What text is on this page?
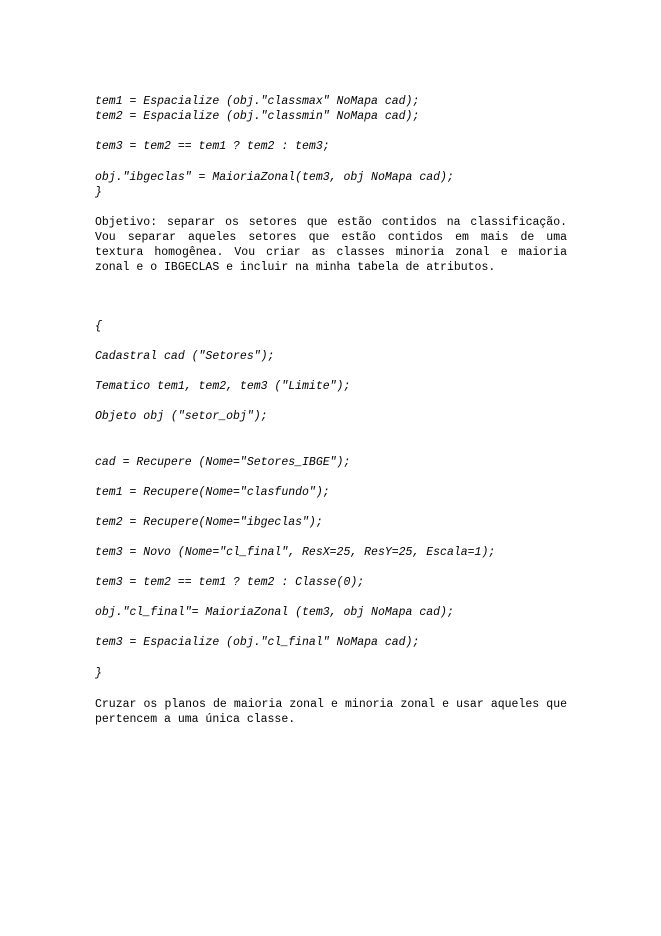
tem1 = Espacialize (obj."classmax" NoMapa cad);
tem2 = Espacialize (obj."classmin" NoMapa cad);
tem3 = tem2 == tem1 ? tem2 : tem3;
obj."ibgeclas" = MaioriaZonal(tem3, obj NoMapa cad);
}
Objetivo: separar os setores que estão contidos na classificação. Vou separar aqueles setores que estão contidos em mais de uma textura homogênea. Vou criar as classes minoria zonal e maioria zonal e o IBGECLAS e incluir na minha tabela de atributos.
{
Cadastral cad ("Setores");
Tematico tem1, tem2, tem3 ("Limite");
Objeto obj ("setor_obj");
cad = Recupere (Nome="Setores_IBGE");
tem1 = Recupere(Nome="clasfundo");
tem2 = Recupere(Nome="ibgeclas");
tem3 = Novo (Nome="cl_final", ResX=25, ResY=25, Escala=1);
tem3 = tem2 == tem1 ? tem2 : Classe(0);
obj."cl_final"= MaioriaZonal (tem3, obj NoMapa cad);
tem3 = Espacialize (obj."cl_final" NoMapa cad);
}
Cruzar os planos de maioria zonal e minoria zonal e usar aqueles que pertencem a uma única classe.
